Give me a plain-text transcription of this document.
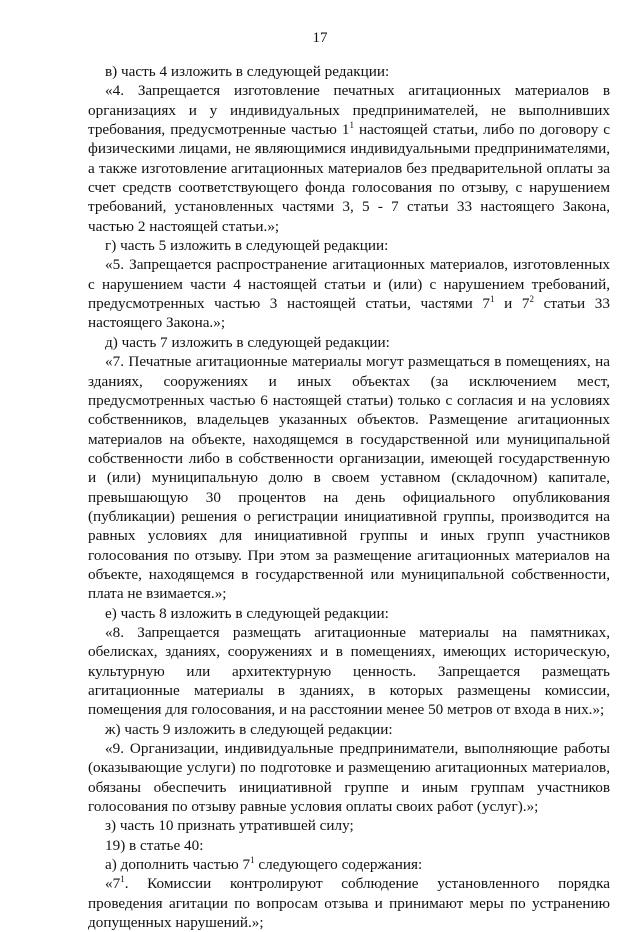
17

в) часть 4 изложить в следующей редакции:

«4. Запрещается изготовление печатных агитационных материалов в организациях и у индивидуальных предпринимателей, не выполнивших требования, предусмотренные частью $1^1$ настоящей статьи, либо по договору с физическими лицами, не являющимися индивидуальными предпринимателями, а также изготовление агитационных материалов без предварительной оплаты за счет средств соответствующего фонда голосования по отзыву, с нарушением требований, установленных частями 3, 5 - 7 статьи 33 настоящего Закона, частью 2 настоящей статьи.»;

г) часть 5 изложить в следующей редакции:

«5. Запрещается распространение агитационных материалов, изготовленных с нарушением части 4 настоящей статьи и (или) с нарушением требований, предусмотренных частью 3 настоящей статьи, частями $7^1$ и $7^2$ статьи 33 настоящего Закона.»;

д) часть 7 изложить в следующей редакции:

«7. Печатные агитационные материалы могут размещаться в помещениях, на зданиях, сооружениях и иных объектах (за исключением мест, предусмотренных частью 6 настоящей статьи) только с согласия и на условиях собственников, владельцев указанных объектов. Размещение агитационных материалов на объекте, находящемся в государственной или муниципальной собственности либо в собственности организации, имеющей государственную и (или) муниципальную долю в своем уставном (складочном) капитале, превышающую 30 процентов на день официального опубликования (публикации) решения о регистрации инициативной группы, производится на равных условиях для инициативной группы и иных групп участников голосования по отзыву. При этом за размещение агитационных материалов на объекте, находящемся в государственной или муниципальной собственности, плата не взимается.»;

е) часть 8 изложить в следующей редакции:

«8. Запрещается размещать агитационные материалы на памятниках, обелисках, зданиях, сооружениях и в помещениях, имеющих историческую, культурную или архитектурную ценность. Запрещается размещать агитационные материалы в зданиях, в которых размещены комиссии, помещения для голосования, и на расстоянии менее 50 метров от входа в них.»;

ж) часть 9 изложить в следующей редакции:

«9. Организации, индивидуальные предприниматели, выполняющие работы (оказывающие услуги) по подготовке и размещению агитационных материалов, обязаны обеспечить инициативной группе и иным группам участников голосования по отзыву равные условия оплаты своих работ (услуг).»;

з) часть 10 признать утратившей силу;

19) в статье 40:

а) дополнить частью $7^1$ следующего содержания:

«$7^1$. Комиссии контролируют соблюдение установленного порядка проведения агитации по вопросам отзыва и принимают меры по устранению допущенных нарушений.»;
